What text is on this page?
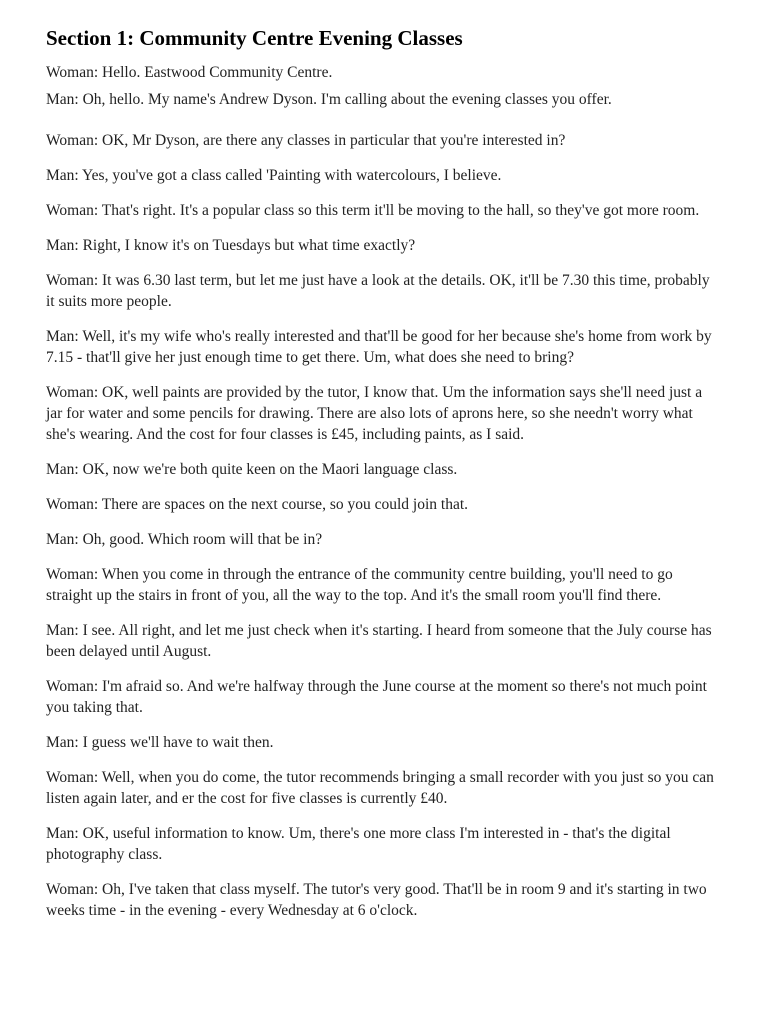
Section 1: Community Centre Evening Classes

Woman: Hello. Eastwood Community Centre.

Man: Oh, hello. My name's Andrew Dyson. I'm calling about the evening classes you offer.

Woman: OK, Mr Dyson, are there any classes in particular that you're interested in?

Man: Yes, you've got a class called 'Painting with watercolours, I believe.

Woman: That's right. It's a popular class so this term it'll be moving to the hall, so they've got more room.

Man: Right, I know it's on Tuesdays but what time exactly?

Woman: It was 6.30 last term, but let me just have a look at the details. OK, it'll be 7.30 this time, probably it suits more people.

Man: Well, it's my wife who's really interested and that'll be good for her because she's home from work by 7.15 - that'll give her just enough time to get there. Um, what does she need to bring?

Woman: OK, well paints are provided by the tutor, I know that. Um the information says she'll need just a jar for water and some pencils for drawing. There are also lots of aprons here, so she needn't worry what she's wearing. And the cost for four classes is £45, including paints, as I said.

Man: OK, now we're both quite keen on the Maori language class.

Woman: There are spaces on the next course, so you could join that.

Man: Oh, good. Which room will that be in?

Woman: When you come in through the entrance of the community centre building, you'll need to go straight up the stairs in front of you, all the way to the top. And it's the small room you'll find there.

Man: I see. All right, and let me just check when it's starting. I heard from someone that the July course has been delayed until August.

Woman: I'm afraid so. And we're halfway through the June course at the moment so there's not much point you taking that.

Man: I guess we'll have to wait then.

Woman: Well, when you do come, the tutor recommends bringing a small recorder with you just so you can listen again later, and er the cost for five classes is currently £40.

Man: OK, useful information to know. Um, there's one more class I'm interested in - that's the digital photography class.

Woman: Oh, I've taken that class myself. The tutor's very good. That'll be in room 9 and it's starting in two weeks time - in the evening - every Wednesday at 6 o'clock.
